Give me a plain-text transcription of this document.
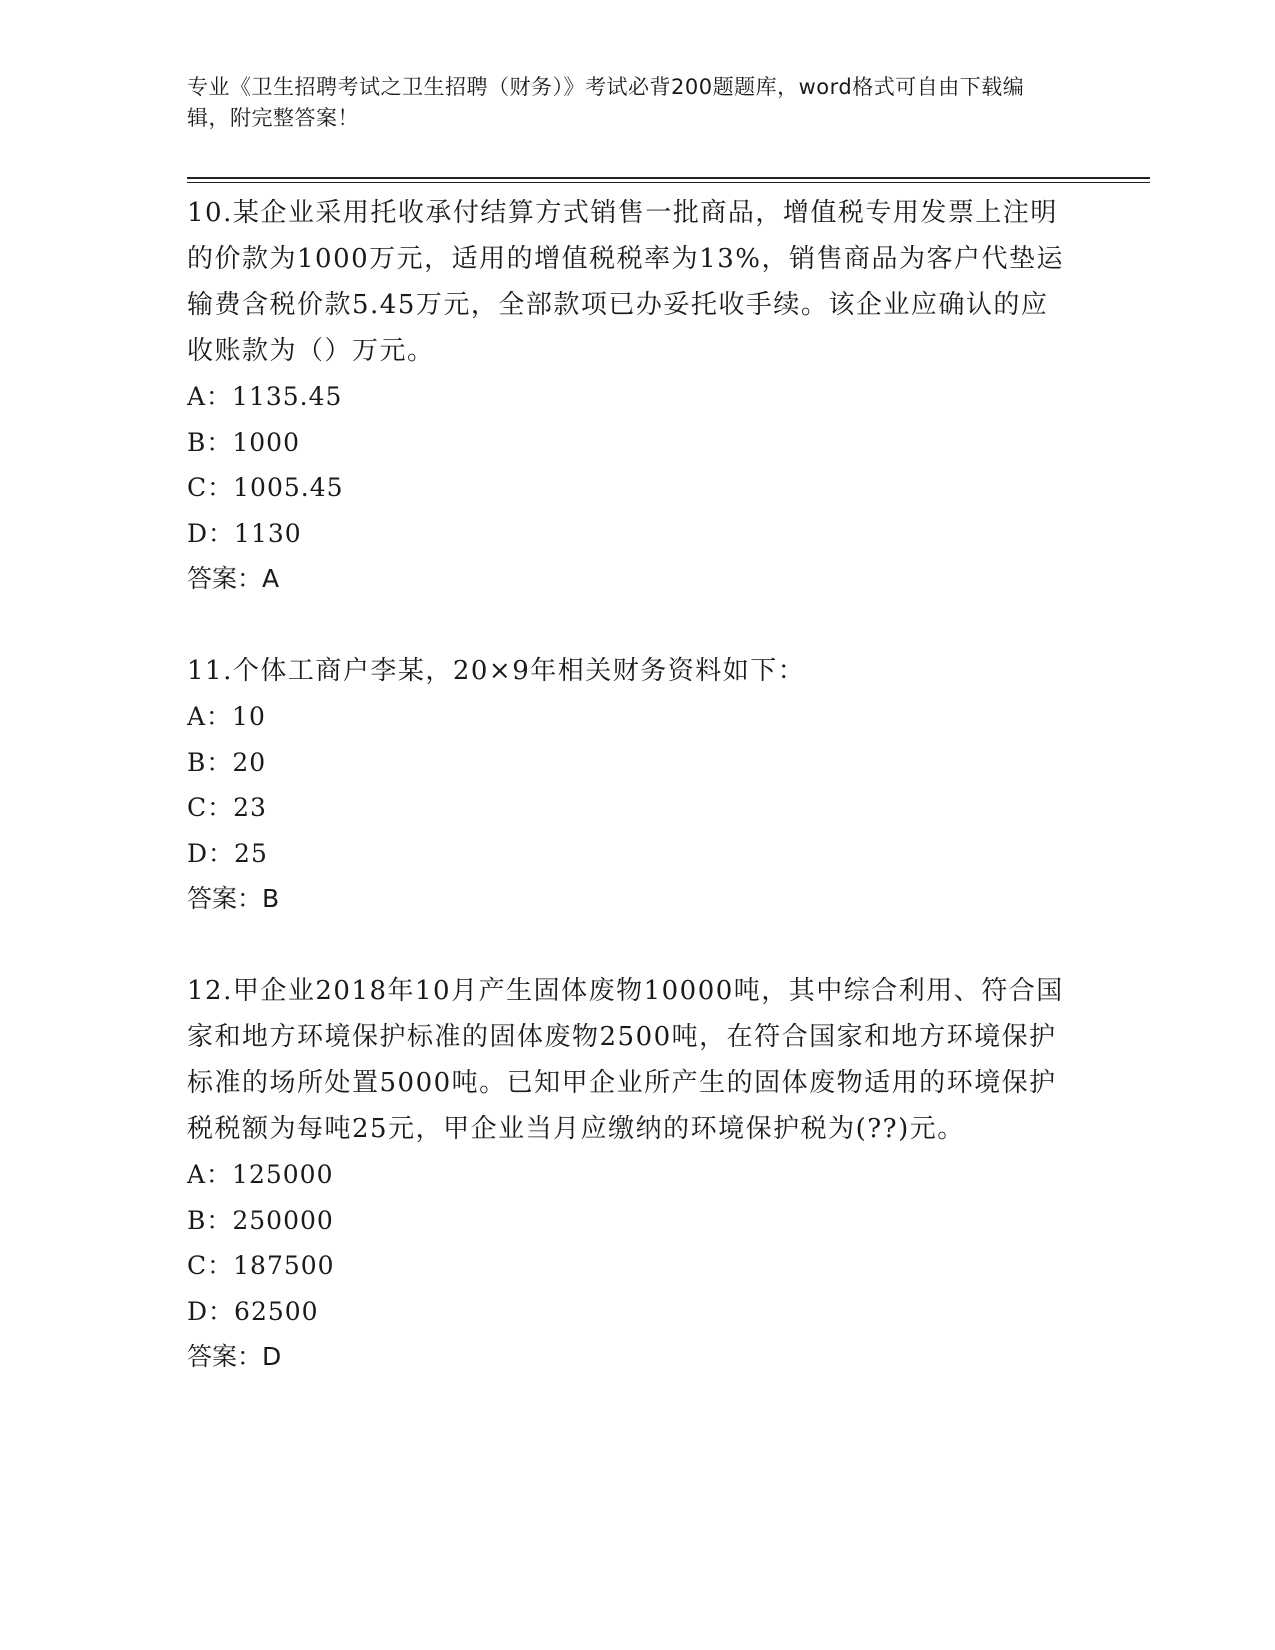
专业《卫生招聘考试之卫生招聘（财务）》考试必背200题题库，word格式可自由下载编辑，附完整答案！

10.某企业采用托收承付结算方式销售一批商品，增值税专用发票上注明的价款为1000万元，适用的增值税税率为13%，销售商品为客户代垫运输费含税价款5.45万元，全部款项已办妥托收手续。该企业应确认的应收账款为（）万元。

A：1135.45

B：1000

C：1005.45

D：1130

答案：A

11.个体工商户李某，20×9年相关财务资料如下：

A：10

B：20

C：23

D：25

答案：B

12.甲企业2018年10月产生固体废物10000吨，其中综合利用、符合国家和地方环境保护标准的固体废物2500吨，在符合国家和地方环境保护标准的场所处置5000吨。已知甲企业所产生的固体废物适用的环境保护税税额为每吨25元，甲企业当月应缴纳的环境保护税为(??)元。

A：125000

B：250000

C：187500

D：62500

答案：D
